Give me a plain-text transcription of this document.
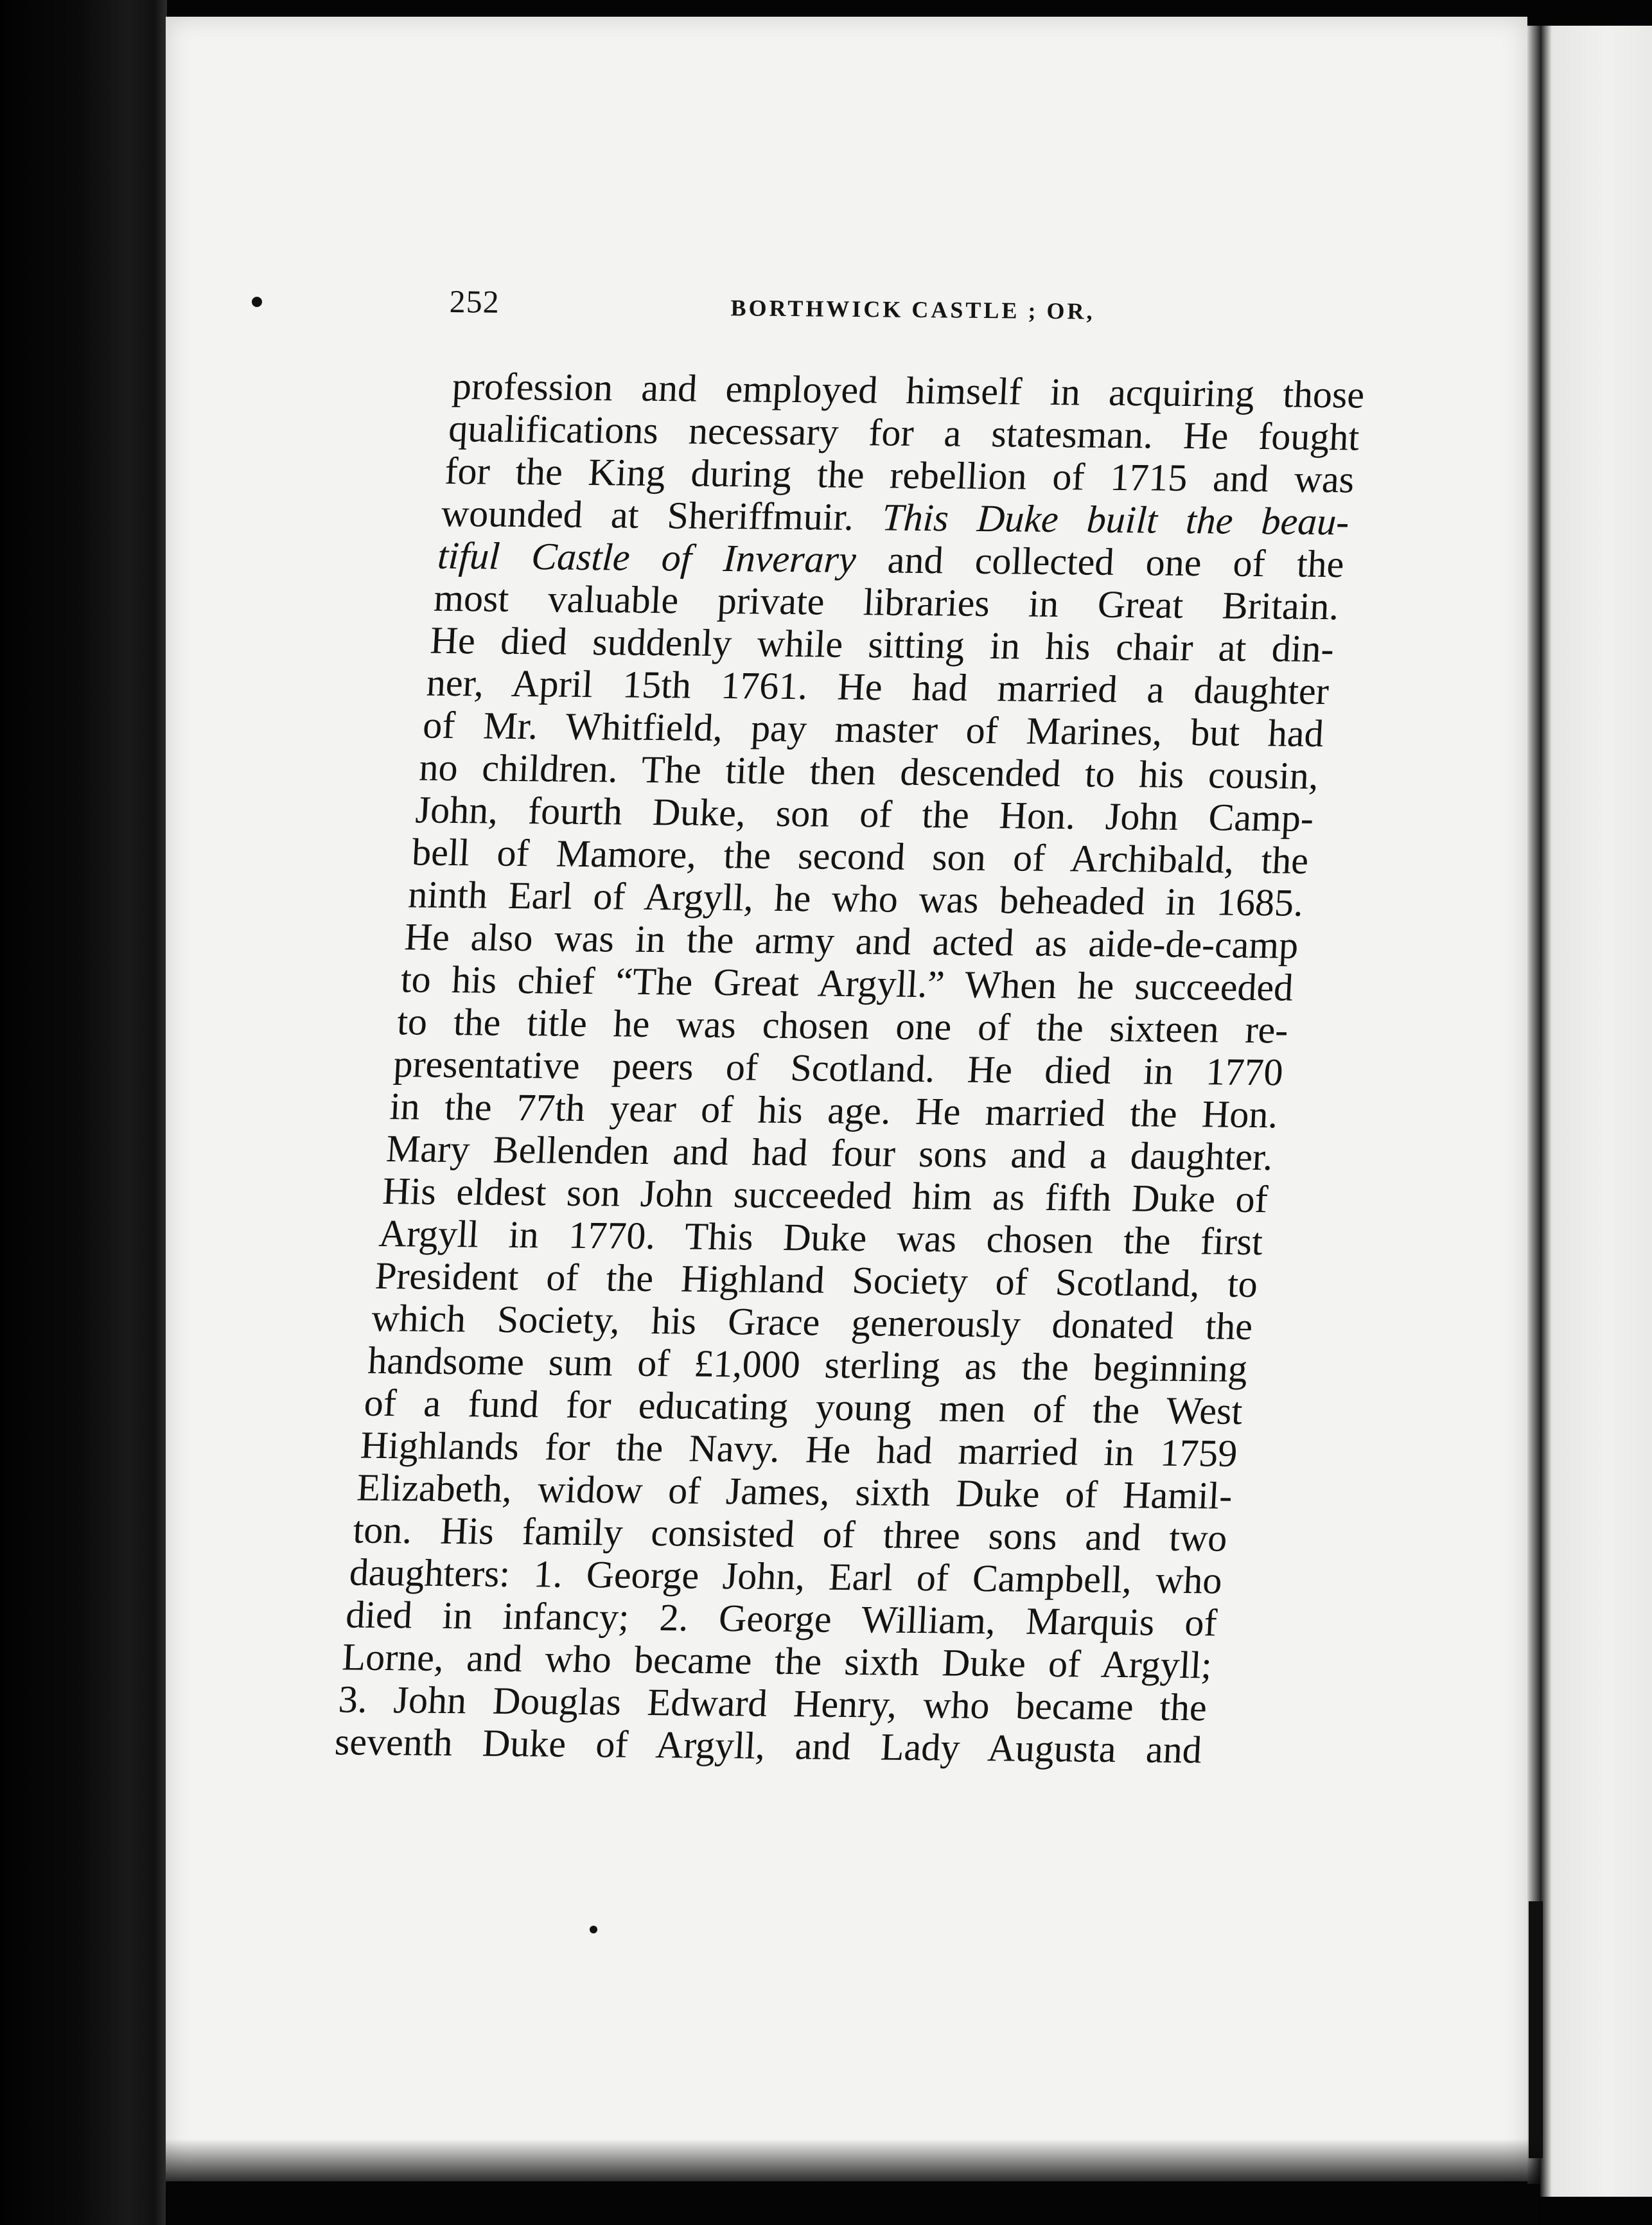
252	BORTHWICK CASTLE ; OR,
profession and employed himself in acquiring those
qualifications necessary for a statesman. He fought
for the King during the rebellion of 1715 and was
wounded at Sheriffmuir. This Duke built the beau-
tiful Castle of Inverary and collected one of the
most valuable private libraries in Great Britain.
He died suddenly while sitting in his chair at din-
ner, April 15th 1761. He had married a daughter
of Mr. Whitfield, pay master of Marines, but had
no children. The title then descended to his cousin,
John, fourth Duke, son of the Hon. John Camp-
bell of Mamore, the second son of Archibald, the
ninth Earl of Argyll, he who was beheaded in 1685.
He also was in the army and acted as aide-de-camp
to his chief “The Great Argyll.” When he succeeded
to the title he was chosen one of the sixteen re-
presentative peers of Scotland. He died in 1770
in the 77th year of his age. He married the Hon.
Mary Bellenden and had four sons and a daughter.
His eldest son John succeeded him as fifth Duke of
Argyll in 1770. This Duke was chosen the first
President of the Highland Society of Scotland, to
which Society, his Grace generously donated the
handsome sum of £1,000 sterling as the beginning
of a fund for educating young men of the West
Highlands for the Navy. He had married in 1759
Elizabeth, widow of James, sixth Duke of Hamil-
ton. His family consisted of three sons and two
daughters: 1. George John, Earl of Campbell, who
died in infancy; 2. George William, Marquis of
Lorne, and who became the sixth Duke of Argyll;
3. John Douglas Edward Henry, who became the
seventh Duke of Argyll, and Lady Augusta and
